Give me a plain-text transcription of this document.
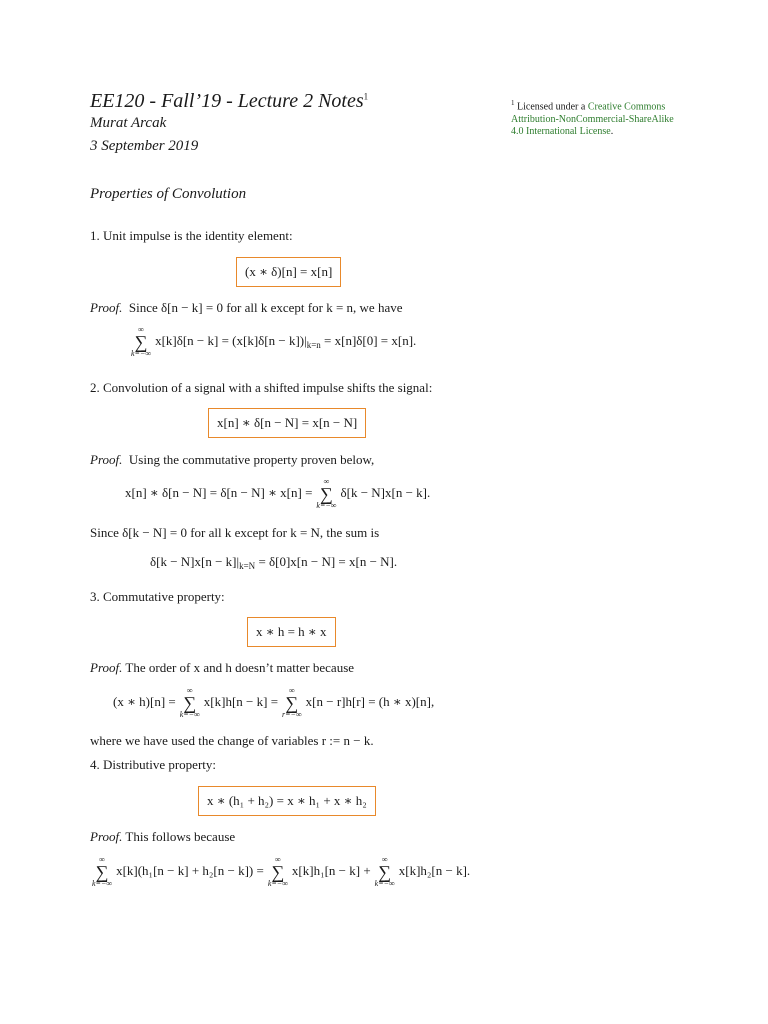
EE120 - Fall’19 - Lecture 2 Notes$^1$
Murat Arcak
3 September 2019
$^1$ Licensed under a Creative Commons
Attribution-NonCommercial-ShareAlike
4.0 International License.
Properties of Convolution
1. Unit impulse is the identity element:
(x ∗ δ)[n] = x[n]
Proof. Since δ[n − k] = 0 for all k except for k = n, we have
∞
∑
k=−∞
$x[k]\delta[n - k] = (x[k]\delta[n - k])|_{k=n} = x[n]\delta[0] = x[n]$.
2. Convolution of a signal with a shifted impulse shifts the signal:
x[n] ∗ δ[n − N] = x[n − N]
Proof. Using the commutative property proven below,
x[n] ∗ δ[n − N] = δ[n − N] ∗ x[n] =
∞
∑
k=−∞
δ[k − N]x[n − k].
Since δ[k − N] = 0 for all k except for k = N, the sum is
$\delta[k - N]x[n - k]|_{k=N} = \delta[0]x[n - N] = x[n - N]$.
3. Commutative property:
x ∗ h = h ∗ x
Proof. The order of x and h doesn’t matter because
(x ∗ h)[n] =
∞
∑
k=−∞
x[k]h[n − k] =
∞
∑
r=−∞
x[n − r]h[r] = (h ∗ x)[n],
where we have used the change of variables r := n − k.
4. Distributive property:
x ∗ (h₁ + h₂) = x ∗ h₁ + x ∗ h₂
Proof. This follows because
∞
∑
k=−∞
x[k](h₁[n − k] + h₂[n − k]) =
∞
∑
k=−∞
x[k]h₁[n − k] +
∞
∑
k=−∞
x[k]h₂[n − k].
